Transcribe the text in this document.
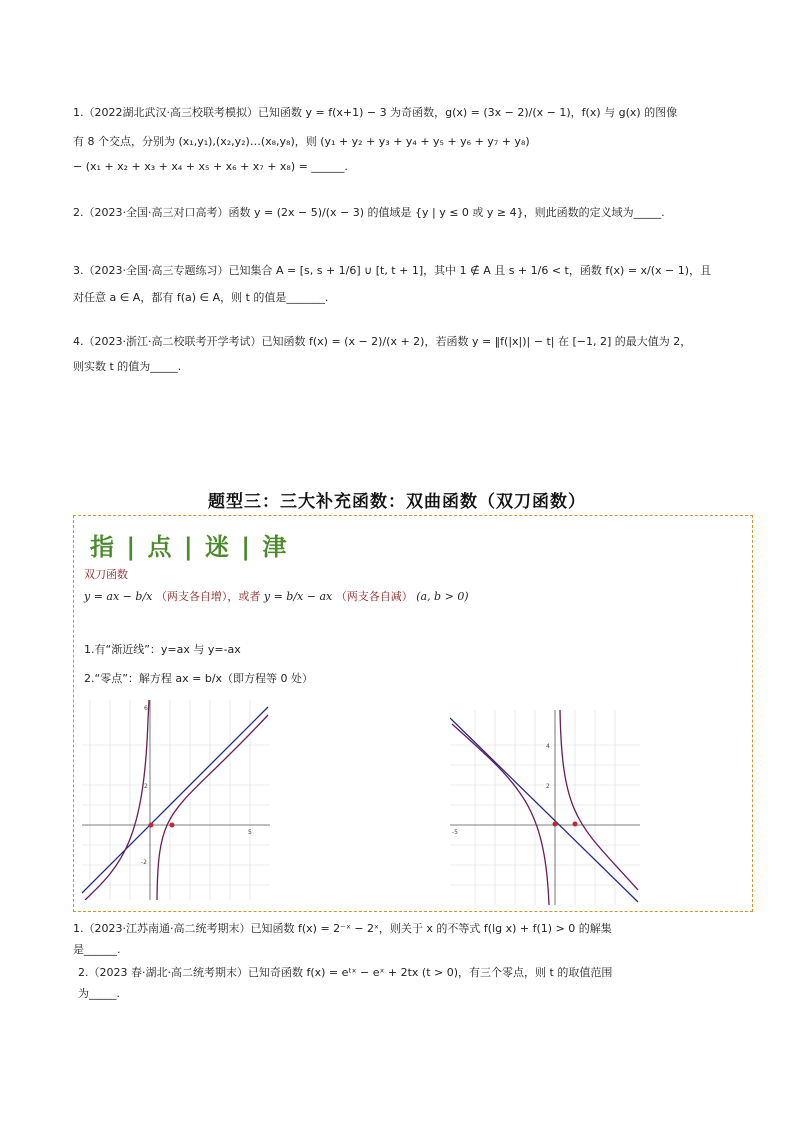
1.（2022湖北武汉·高三校联考模拟）已知函数 y = f(x+1) − 3 为奇函数，g(x) = (3x − 2)/(x − 1)，f(x) 与 g(x) 的图像
有 8 个交点，分别为 (x₁,y₁),(x₂,y₂)…(x₈,y₈)，则 (y₁ + y₂ + y₃ + y₄ + y₅ + y₆ + y₇ + y₈)
− (x₁ + x₂ + x₃ + x₄ + x₅ + x₆ + x₇ + x₈) = ______.
2.（2023·全国·高三对口高考）函数 y = (2x − 5)/(x − 3) 的值域是 {y | y ≤ 0 或 y ≥ 4}，则此函数的定义域为_____.
3.（2023·全国·高三专题练习）已知集合 A = [s, s + 1/6] ∪ [t, t + 1]，其中 1 ∉ A 且 s + 1/6 < t，函数 f(x) = x/(x − 1)，且
对任意 a ∈ A，都有 f(a) ∈ A，则 t 的值是_______.
4.（2023·浙江·高二校联考开学考试）已知函数 f(x) = (x − 2)/(x + 2)，若函数 y = ‖f(|x|)| − t| 在 [−1, 2] 的最大值为 2，
则实数 t 的值为_____.
题型三：三大补充函数：双曲函数（双刀函数）
指 | 点 | 迷 | 津
双刀函数
y = ax − b/x （两支各自增），或者 y = b/x − ax （两支各自减） (a, b > 0)
1.有“渐近线”：y=ax 与 y=-ax
2.“零点”：解方程 ax = b/x（即方程等 0 处）
5
6
2
-2
-5
4
2
1.（2023·江苏南通·高二统考期末）已知函数 f(x) = 2⁻ˣ − 2ˣ，则关于 x 的不等式 f(lg x) + f(1) > 0 的解集
是______.
2.（2023 春·湖北·高二统考期末）已知奇函数 f(x) = eᵗˣ − eˣ + 2tx (t > 0)，有三个零点，则 t 的取值范围
为_____.
